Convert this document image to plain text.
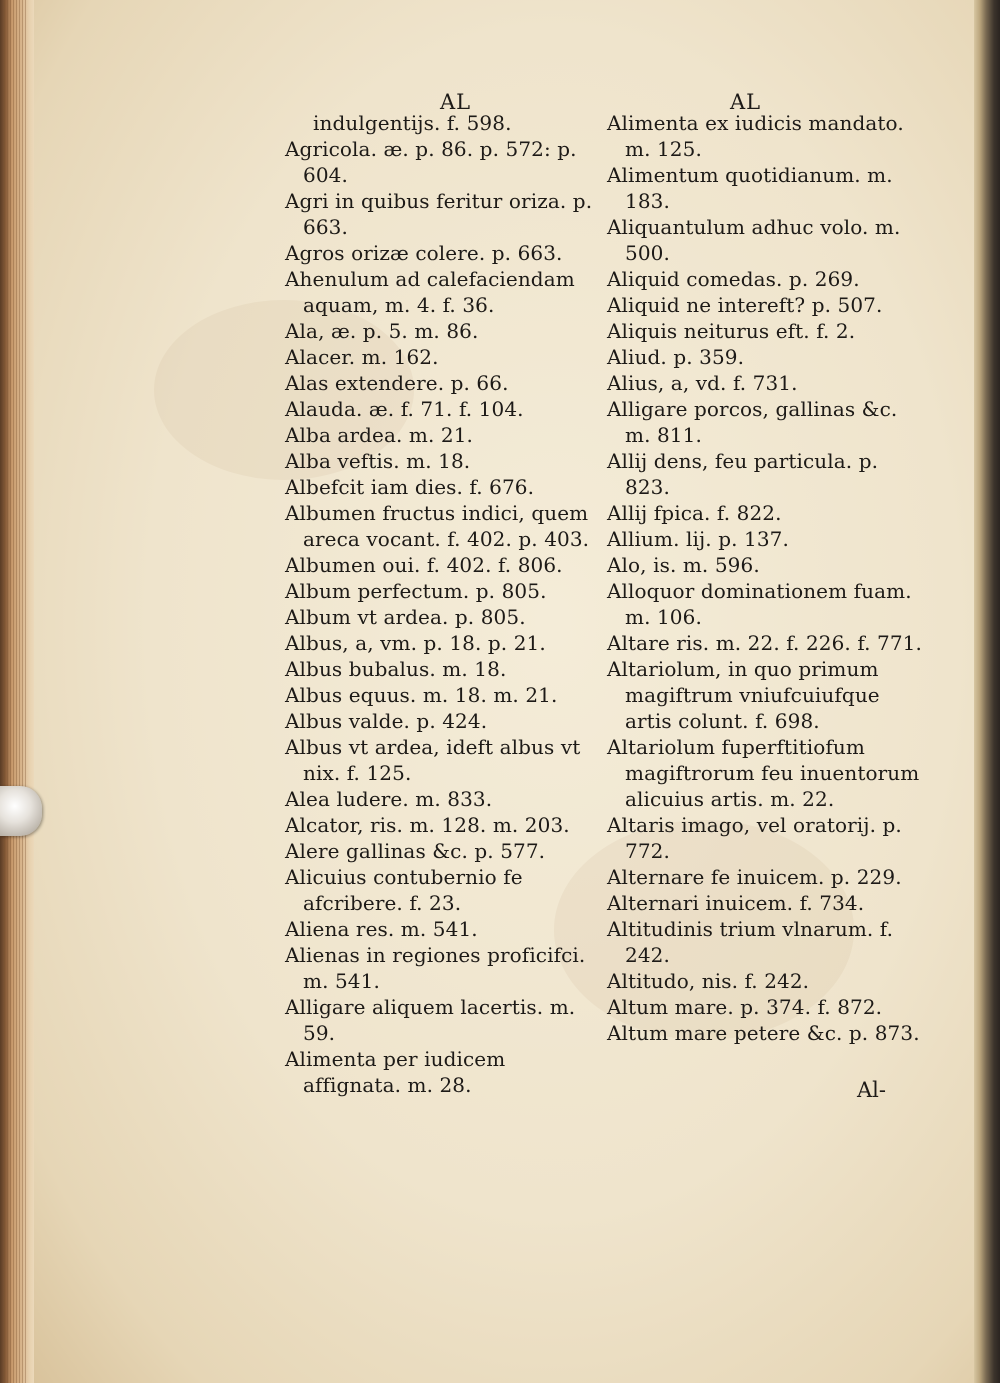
AL	AL

indulgentijs. f. 598.

Agricola. æ. p. 86. p. 572: p. 604.

Agri in quibus feritur oriza. p. 663.

Agros orizæ colere. p. 663.

Ahenulum ad calefaciendam aquam, m. 4. f. 36.

Ala, æ. p. 5. m. 86.

Alacer. m. 162.

Alas extendere. p. 66.

Alauda. æ. f. 71. f. 104.

Alba ardea. m. 21.

Alba veftis. m. 18.

Albefcit iam dies. f. 676.

Albumen fructus indici, quem areca vocant. f. 402. p. 403.

Albumen oui. f. 402. f. 806.

Album perfectum. p. 805.

Album vt ardea. p. 805.

Albus, a, vm. p. 18. p. 21.

Albus bubalus. m. 18.

Albus equus. m. 18. m. 21.

Albus valde. p. 424.

Albus vt ardea, ideft albus vt nix. f. 125.

Alea ludere. m. 833.

Alcator, ris. m. 128. m. 203.

Alere gallinas &c. p. 577.

Alicuius contubernio fe afcribere. f. 23.

Aliena res. m. 541.

Alienas in regiones proficifci. m. 541.

Alligare aliquem lacertis. m. 59.

Alimenta per iudicem affignata. m. 28.

Alimenta ex iudicis mandato. m. 125.

Alimentum quotidianum. m. 183.

Aliquantulum adhuc volo. m. 500.

Aliquid comedas. p. 269.

Aliquid ne intereft? p. 507.

Aliquis neiturus eft. f. 2.

Aliud. p. 359.

Alius, a, vd. f. 731.

Alligare porcos, gallinas &c. m. 811.

Allij dens, feu particula. p. 823.

Allij fpica. f. 822.

Allium. lij. p. 137.

Alo, is. m. 596.

Alloquor dominationem fuam. m. 106.

Altare ris. m. 22. f. 226. f. 771.

Altariolum, in quo primum magiftrum vniufcuiufque artis colunt. f. 698.

Altariolum fuperftitiofum magiftrorum feu inuentorum alicuius artis. m. 22.

Altaris imago, vel oratorij. p. 772.

Alternare fe inuicem. p. 229.

Alternari inuicem. f. 734.

Altitudinis trium vlnarum. f. 242.

Altitudo, nis. f. 242.

Altum mare. p. 374. f. 872.

Altum mare petere &c. p. 873.

Al-
